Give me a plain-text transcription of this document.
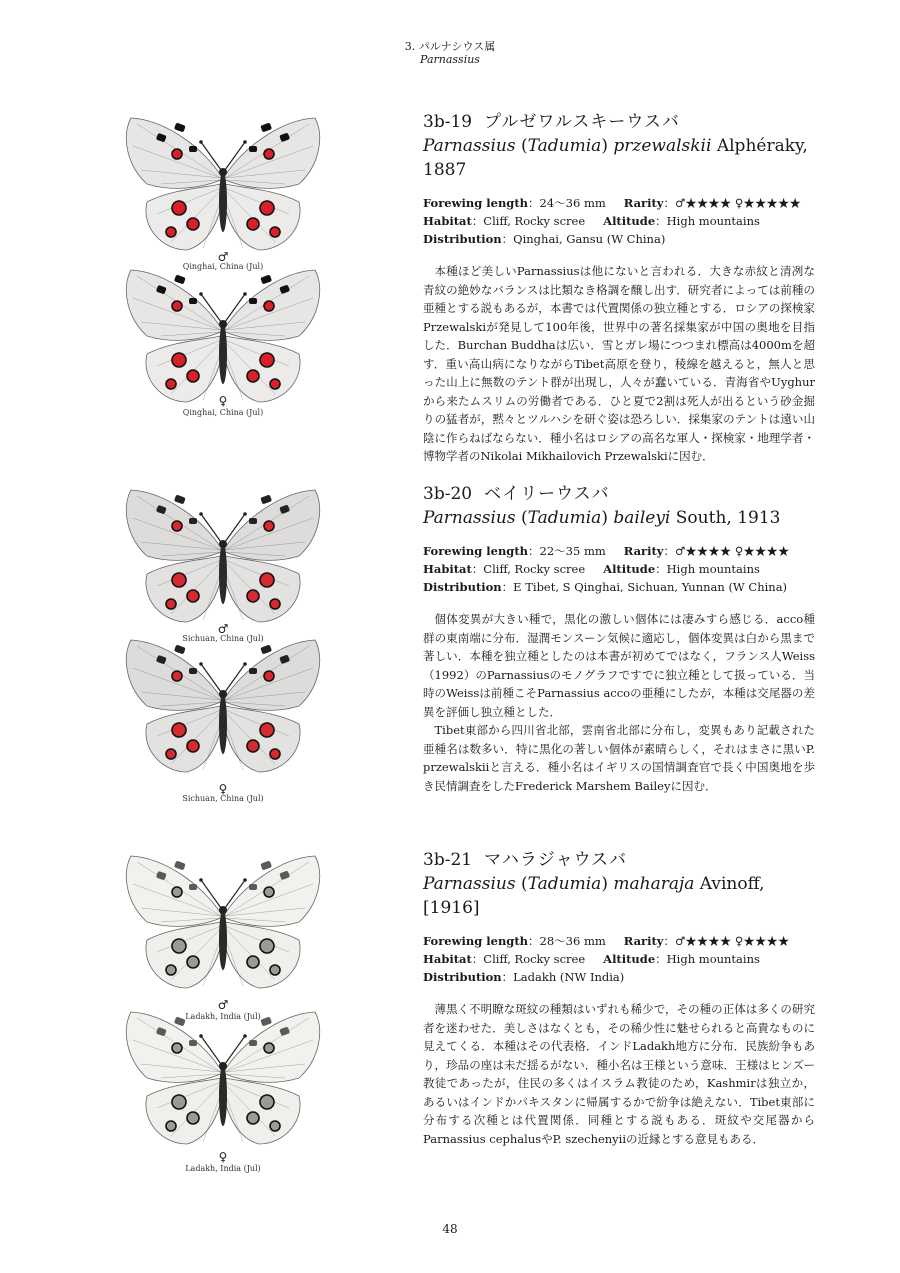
3. パルナシウス属
Parnassius
♂
Qinghai, China (Jul)
♀
Qinghai, China (Jul)
3b-19 プルゼワルスキーウスバ
Parnassius (Tadumia) przewalskii Alphéraky, 1887
Forewing length：24〜36 mm Rarity：♂★★★★ ♀★★★★★
Habitat：Cliff, Rocky scree Altitude：High mountains
Distribution：Qinghai, Gansu (W China)

本種ほど美しいParnassiusは他にないと言われる．大きな赤紋と清冽な青紋の絶妙なバランスは比類なき格調を醸し出す．研究者によっては前種の亜種とする説もあるが，本書では代置関係の独立種とする．ロシアの探検家Przewalskiが発見して100年後，世界中の著名採集家が中国の奥地を目指した．Burchan Buddhaは広い．雪とガレ場につつまれ標高は4000mを超す．重い高山病になりながらTibet高原を登り，稜線を越えると，無人と思った山上に無数のテント群が出現し，人々が蠢いている．青海省やUyghurから来たムスリムの労働者である．ひと夏で2割は死人が出るという砂金掘りの猛者が，黙々とツルハシを研ぐ姿は恐ろしい．採集家のテントは遠い山陰に作らねばならない．種小名はロシアの高名な軍人・探検家・地理学者・博物学者のNikolai Mikhailovich Przewalskiに因む．

♂
Sichuan, China (Jul)
♀
Sichuan, China (Jul)
3b-20 ベイリーウスバ
Parnassius (Tadumia) baileyi South, 1913
Forewing length：22〜35 mm Rarity：♂★★★★ ♀★★★★
Habitat：Cliff, Rocky scree Altitude：High mountains
Distribution：E Tibet, S Qinghai, Sichuan, Yunnan (W China)

個体変異が大きい種で，黒化の激しい個体には凄みすら感じる．acco種群の東南端に分布．湿潤モンスーン気候に適応し，個体変異は白から黒まで著しい．本種を独立種としたのは本書が初めてではなく，フランス人Weiss（1992）のParnassiusのモノグラフですでに独立種として扱っている．当時のWeissは前種こそParnassius accoの亜種にしたが，本種は交尾器の差異を評価し独立種とした．

Tibet東部から四川省北部，雲南省北部に分布し，変異もあり記載された亜種名は数多い．特に黒化の著しい個体が素晴らしく，それはまさに黒いP. przewalskiiと言える．種小名はイギリスの国情調査官で長く中国奥地を歩き民情調査をしたFrederick Marshem Baileyに因む．

♂
Ladakh, India (Jul)
♀
Ladakh, India (Jul)
3b-21 マハラジャウスバ
Parnassius (Tadumia) maharaja Avinoff, [1916]
Forewing length：28〜36 mm Rarity：♂★★★★ ♀★★★★
Habitat：Cliff, Rocky scree Altitude：High mountains
Distribution：Ladakh (NW India)

薄黒く不明瞭な斑紋の種類はいずれも稀少で，その種の正体は多くの研究者を迷わせた．美しさはなくとも，その稀少性に魅せられると高貴なものに見えてくる．本種はその代表格．インドLadakh地方に分布．民族紛争もあり，珍品の座は未だ揺るがない．種小名は王様という意味．王様はヒンズー教徒であったが，住民の多くはイスラム教徒のため，Kashmirは独立か，あるいはインドかパキスタンに帰属するかで紛争は絶えない．Tibet東部に分布する次種とは代置関係．同種とする説もある．斑紋や交尾器からParnassius cephalusやP. szechenyiiの近縁とする意見もある．

48
